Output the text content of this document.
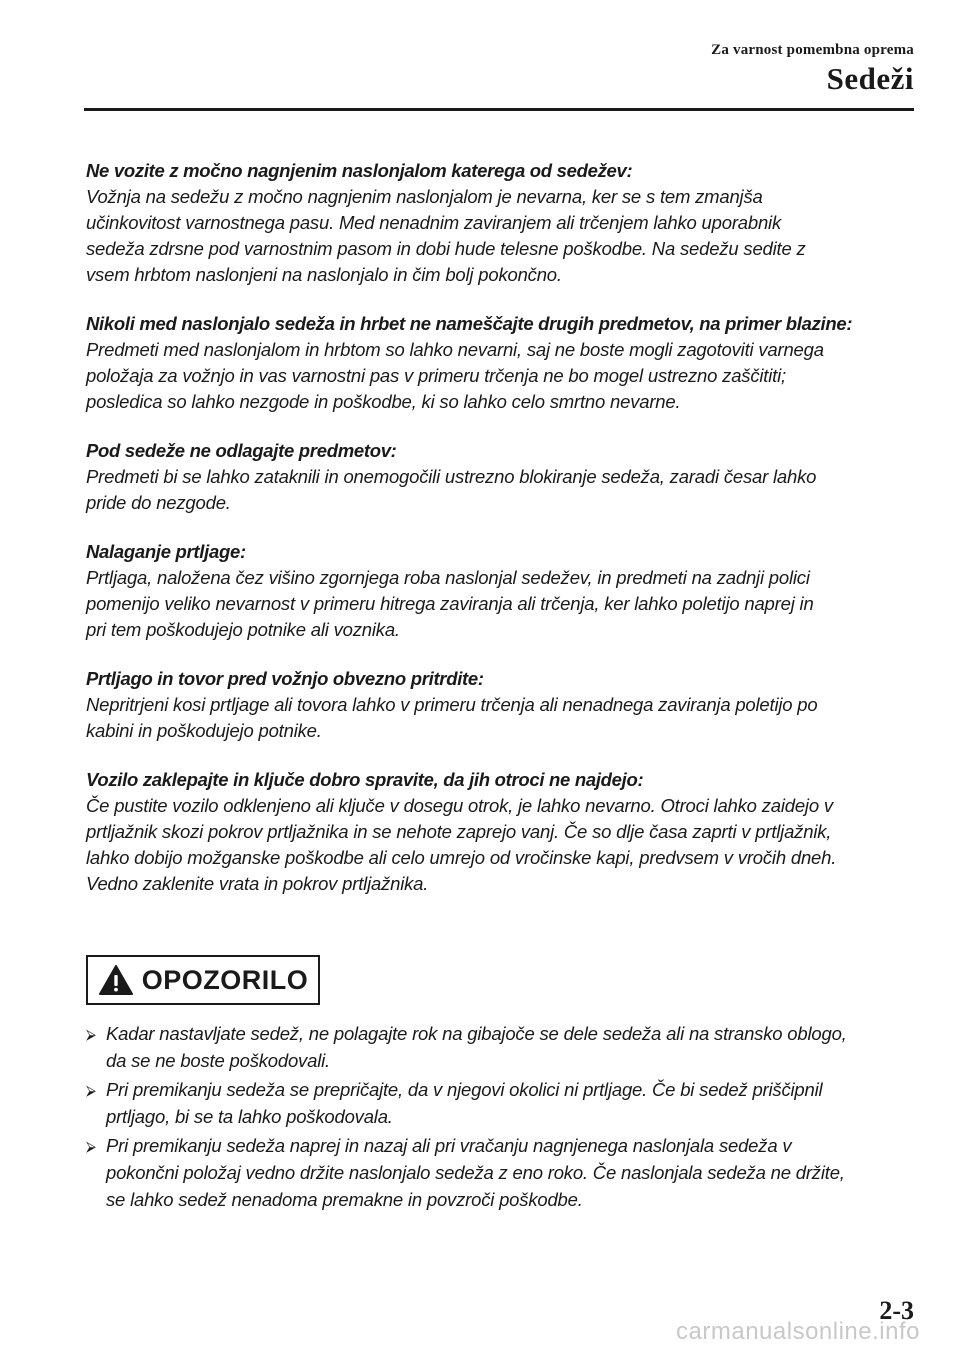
Za varnost pomembna oprema
Sedeži
Ne vozite z močno nagnjenim naslonjalom katerega od sedežev:
Vožnja na sedežu z močno nagnjenim naslonjalom je nevarna, ker se s tem zmanjša
učinkovitost varnostnega pasu. Med nenadnim zaviranjem ali trčenjem lahko uporabnik
sedeža zdrsne pod varnostnim pasom in dobi hude telesne poškodbe. Na sedežu sedite z
vsem hrbtom naslonjeni na naslonjalo in čim bolj pokončno.
Nikoli med naslonjalo sedeža in hrbet ne nameščajte drugih predmetov, na primer blazine:
Predmeti med naslonjalom in hrbtom so lahko nevarni, saj ne boste mogli zagotoviti varnega
položaja za vožnjo in vas varnostni pas v primeru trčenja ne bo mogel ustrezno zaščititi;
posledica so lahko nezgode in poškodbe, ki so lahko celo smrtno nevarne.
Pod sedeže ne odlagajte predmetov:
Predmeti bi se lahko zataknili in onemogočili ustrezno blokiranje sedeža, zaradi česar lahko
pride do nezgode.
Nalaganje prtljage:
Prtljaga, naložena čez višino zgornjega roba naslonjal sedežev, in predmeti na zadnji polici
pomenijo veliko nevarnost v primeru hitrega zaviranja ali trčenja, ker lahko poletijo naprej in
pri tem poškodujejo potnike ali voznika.
Prtljago in tovor pred vožnjo obvezno pritrdite:
Nepritrjeni kosi prtljage ali tovora lahko v primeru trčenja ali nenadnega zaviranja poletijo po
kabini in poškodujejo potnike.
Vozilo zaklepajte in ključe dobro spravite, da jih otroci ne najdejo:
Če pustite vozilo odklenjeno ali ključe v dosegu otrok, je lahko nevarno. Otroci lahko zaidejo v
prtljažnik skozi pokrov prtljažnika in se nehote zaprejo vanj. Če so dlje časa zaprti v prtljažnik,
lahko dobijo možganske poškodbe ali celo umrejo od vročinske kapi, predvsem v vročih dneh.
Vedno zaklenite vrata in pokrov prtljažnika.
OPOZORILO
⮚ Kadar nastavljate sedež, ne polagajte rok na gibajoče se dele sedeža ali na stransko oblogo,
da se ne boste poškodovali.
⮚ Pri premikanju sedeža se prepričajte, da v njegovi okolici ni prtljage. Če bi sedež priščipnil
prtljago, bi se ta lahko poškodovala.
⮚ Pri premikanju sedeža naprej in nazaj ali pri vračanju nagnjenega naslonjala sedeža v
pokončni položaj vedno držite naslonjalo sedeža z eno roko. Če naslonjala sedeža ne držite,
se lahko sedež nenadoma premakne in povzroči poškodbe.
2-3
carmanualsonline.info
